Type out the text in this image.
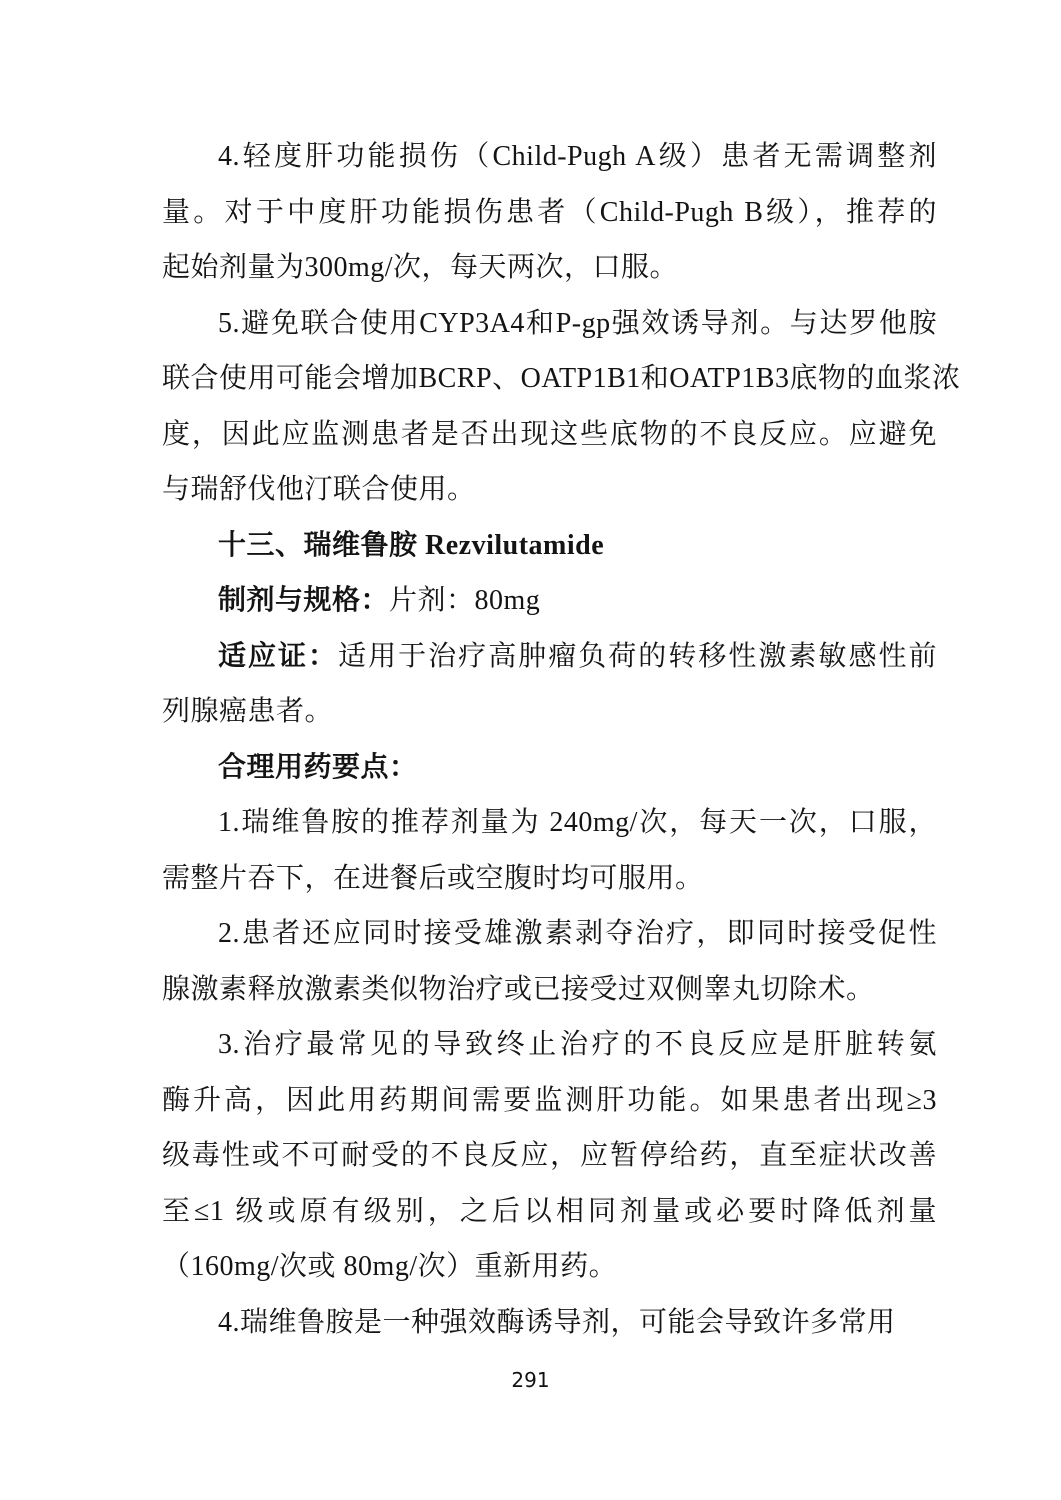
4.轻度肝功能损伤（Child-Pugh A级）患者无需调整剂
量。对于中度肝功能损伤患者（Child-Pugh B级），推荐的
起始剂量为300mg/次，每天两次，口服。

5.避免联合使用CYP3A4和P-gp强效诱导剂。与达罗他胺
联合使用可能会增加BCRP、OATP1B1和OATP1B3底物的血浆浓
度，因此应监测患者是否出现这些底物的不良反应。应避免
与瑞舒伐他汀联合使用。

十三、瑞维鲁胺 Rezvilutamide

制剂与规格：片剂：80mg

适应证：适用于治疗高肿瘤负荷的转移性激素敏感性前
列腺癌患者。

合理用药要点：

1.瑞维鲁胺的推荐剂量为 240mg/次，每天一次，口服，
需整片吞下，在进餐后或空腹时均可服用。

2.患者还应同时接受雄激素剥夺治疗，即同时接受促性
腺激素释放激素类似物治疗或已接受过双侧睾丸切除术。

3.治疗最常见的导致终止治疗的不良反应是肝脏转氨
酶升高，因此用药期间需要监测肝功能。如果患者出现≥3
级毒性或不可耐受的不良反应，应暂停给药，直至症状改善
至≤1 级或原有级别，之后以相同剂量或必要时降低剂量
（160mg/次或 80mg/次）重新用药。

4.瑞维鲁胺是一种强效酶诱导剂，可能会导致许多常用

291
